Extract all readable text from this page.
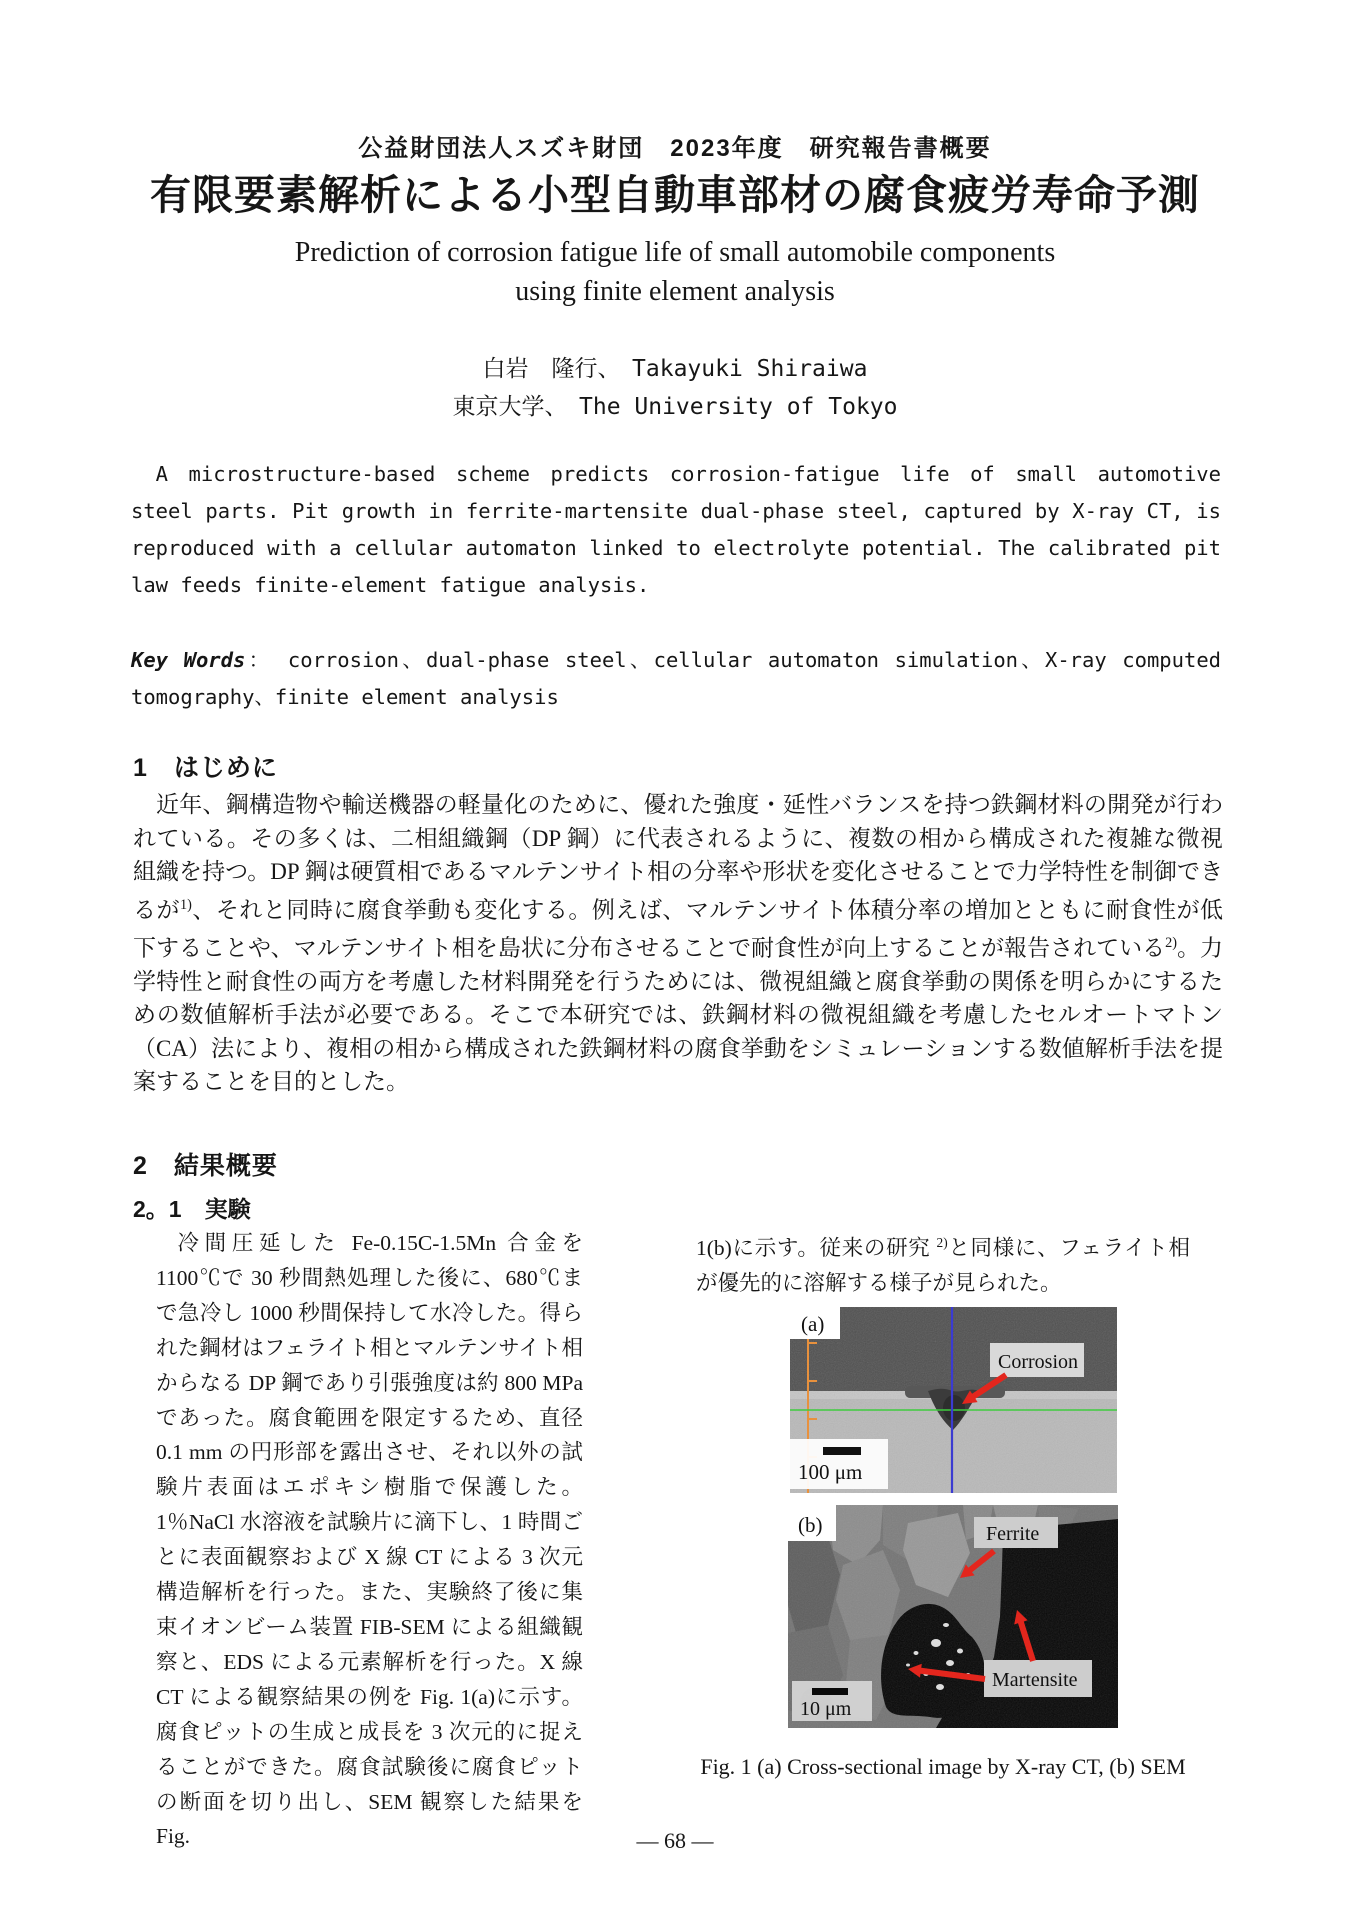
公益財団法人スズキ財団　2023年度　研究報告書概要
有限要素解析による小型自動車部材の腐食疲労寿命予測
Prediction of corrosion fatigue life of small automobile components
using finite element analysis
白岩　隆行、　Takayuki Shiraiwa
東京大学、　The University of Tokyo

A microstructure-based scheme predicts corrosion-fatigue life of small automotive steel parts. Pit growth in ferrite-martensite dual-phase steel, captured by X-ray CT, is reproduced with a cellular automaton linked to electrolyte potential. The calibrated pit law feeds finite-element fatigue analysis.

Key Words： corrosion、dual-phase steel、cellular automaton simulation、X-ray computed tomography、finite element analysis

1　はじめに

近年、鋼構造物や輸送機器の軽量化のために、優れた強度・延性バランスを持つ鉄鋼材料の開発が行われている。その多くは、二相組織鋼（DP 鋼）に代表されるように、複数の相から構成された複雑な微視組織を持つ。DP 鋼は硬質相であるマルテンサイト相の分率や形状を変化させることで力学特性を制御できるが$^{1)}$、それと同時に腐食挙動も変化する。例えば、マルテンサイト体積分率の増加とともに耐食性が低下することや、マルテンサイト相を島状に分布させることで耐食性が向上することが報告されている$^{2)}$。力学特性と耐食性の両方を考慮した材料開発を行うためには、微視組織と腐食挙動の関係を明らかにするための数値解析手法が必要である。そこで本研究では、鉄鋼材料の微視組織を考慮したセルオートマトン（CA）法により、複相の相から構成された鉄鋼材料の腐食挙動をシミュレーションする数値解析手法を提案することを目的とした。

2　結果概要
2。1　実験

冷間圧延した Fe-0.15C-1.5Mn 合金を 1100℃で 30 秒間熱処理した後に、680℃まで急冷し 1000 秒間保持して水冷した。得られた鋼材はフェライト相とマルテンサイト相からなる DP 鋼であり引張強度は約 800 MPa であった。腐食範囲を限定するため、直径 0.1 mm の円形部を露出させ、それ以外の試験片表面はエポキシ樹脂で保護した。1％NaCl 水溶液を試験片に滴下し、1 時間ごとに表面観察および X 線 CT による 3 次元構造解析を行った。また、実験終了後に集束イオンビーム装置 FIB-SEM による組織観察と、EDS による元素解析を行った。X 線 CT による観察結果の例を Fig. 1(a)に示す。腐食ピットの生成と成長を 3 次元的に捉えることができた。腐食試験後に腐食ピットの断面を切り出し、SEM 観察した結果を Fig.

1(b)に示す。従来の研究 $^{2)}$と同様に、フェライト相が優先的に溶解する様子が見られた。

(a)
Corrosion
100 μm
(b)	Ferrite
Martensite
10 μm
Fig. 1 (a) Cross-sectional image by X-ray CT, (b) SEM
— 68 —
